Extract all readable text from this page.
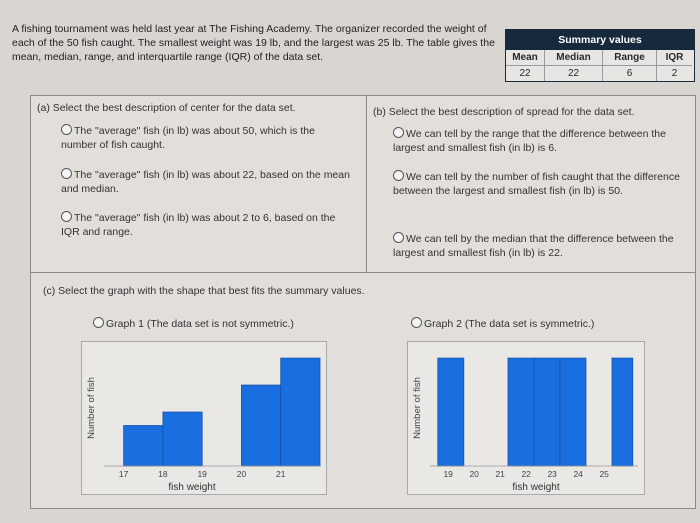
A fishing tournament was held last year at The Fishing Academy. The organizer recorded the weight of each of the 50 fish caught. The smallest weight was 19 lb, and the largest was 25 lb. The table gives the mean, median, range, and interquartile range (IQR) of the data set.
Summary values
Mean	Median	Range	IQR
22	22	6	2
(a) Select the best description of center for the data set.
The "average" fish (in lb) was about 50, which is the number of fish caught.
The "average" fish (in lb) was about 22, based on the mean and median.
The "average" fish (in lb) was about 2 to 6, based on the IQR and range.
(b) Select the best description of spread for the data set.
We can tell by the range that the difference between the largest and smallest fish (in lb) is 6.
We can tell by the number of fish caught that the difference between the largest and smallest fish (in lb) is 50.
We can tell by the median that the difference between the largest and smallest fish (in lb) is 22.
(c) Select the graph with the shape that best fits the summary values.
Graph 1 (The data set is not symmetric.)	Graph 2 (The data set is symmetric.)
Number of fish
17	18	19	20	21
fish weight
Number of fish
19 20 21 22 23 24 25
fish weight
